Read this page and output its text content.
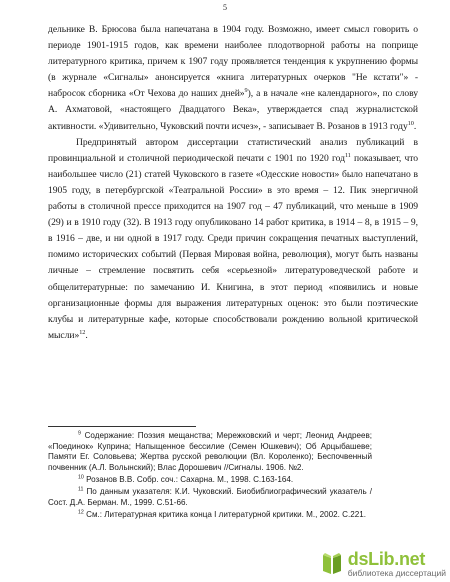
5

дельнике В. Брюсова была напечатана в 1904 году. Возможно, имеет смысл говорить о периоде 1901-1915 годов, как времени наиболее плодотворной работы на поприще литературного критика, причем к 1907 году проявляется тенденция к укрупнению формы (в журнале «Сигналы» анонсируется «книга литературных очерков "Не кстати"» - набросок сборника «От Чехова до наших дней»$^9$), а в начале «не календарного», по слову А. Ахматовой, «настоящего Двадцатого Века», утверждается спад журналистской активности. «Удивительно, Чуковский почти исчез», - записывает В. Розанов в 1913 году$^{10}$.

Предпринятый автором диссертации статистический анализ публикаций в провинциальной и столичной периодической печати с 1901 по 1920 год$^{11}$ показывает, что наибольшее число (21) статей Чуковского в газете «Одесские новости» было напечатано в 1905 году, в петербургской «Театральной России» в это время – 12. Пик энергичной работы в столичной прессе приходится на 1907 год – 47 публикаций, что меньше в 1909 (29) и в 1910 году (32). В 1913 году опубликовано 14 работ критика, в 1914 – 8, в 1915 – 9, в 1916 – две, и ни одной в 1917 году. Среди причин сокращения печатных выступлений, помимо исторических событий (Первая Мировая война, революция), могут быть названы личные – стремление посвятить себя «серьезной» литературоведческой работе и общелитературные: по замечанию И. Книгина, в этот период «появились и новые организационные формы для выражения литературных оценок: это были поэтические клубы и литературные кафе, которые способствовали рождению вольной критической мысли»$^{12}$.

$^9$ Содержание: Поэзия мещанства; Мережковский и черт; Леонид Андреев; «Поединок» Куприна; Напыщенное бессилие (Семен Юшкевич); Об Арцыбашеве; Памяти Ег. Соловьева; Жертва русской революции (Вл. Короленко); Беспочвенный почвенник (А.Л. Волынский); Влас Дорошевич //Сигналы. 1906. №2.
$^{10}$ Розанов В.В. Собр. соч.: Сахарна. М., 1998. С.163-164.
$^{11}$ По данным указателя: К.И. Чуковский. Биобиблиографический указатель /Сост. Д.А. Берман. М., 1999. С.51-66.
$^{12}$ См.: Литературная критика конца I литературной критики. М., 2002. С.221.
dsLib.net
библиотека диссертаций
